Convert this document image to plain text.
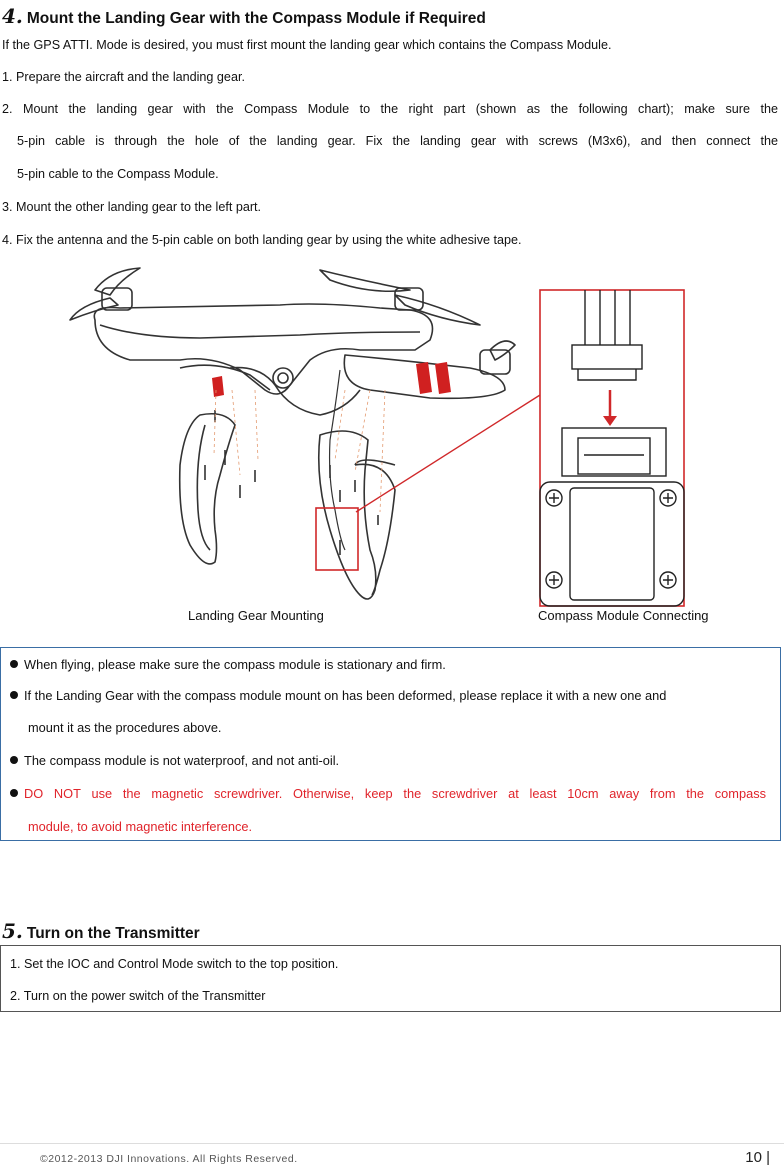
4. Mount the Landing Gear with the Compass Module if Required
If the GPS ATTI. Mode is desired, you must first mount the landing gear which contains the Compass Module.
1. Prepare the aircraft and the landing gear.
2. Mount the landing gear with the Compass Module to the right part (shown as the following chart); make sure the
5-pin cable is through the hole of the landing gear. Fix the landing gear with screws (M3x6), and then connect the
5-pin cable to the Compass Module.
3. Mount the other landing gear to the left part.
4. Fix the antenna and the 5-pin cable on both landing gear by using the white adhesive tape.
Landing Gear Mounting	Compass Module Connecting
When flying, please make sure the compass module is stationary and firm.
If the Landing Gear with the compass module mount on has been deformed, please replace it with a new one and
mount it as the procedures above.
The compass module is not waterproof, and not anti-oil.
DO NOT use the magnetic screwdriver. Otherwise, keep the screwdriver at least 10cm away from the compass
module, to avoid magnetic interference.
5. Turn on the Transmitter
1. Set the IOC and Control Mode switch to the top position.
2. Turn on the power switch of the Transmitter
©2012-2013 DJI Innovations. All Rights Reserved.	10 |
